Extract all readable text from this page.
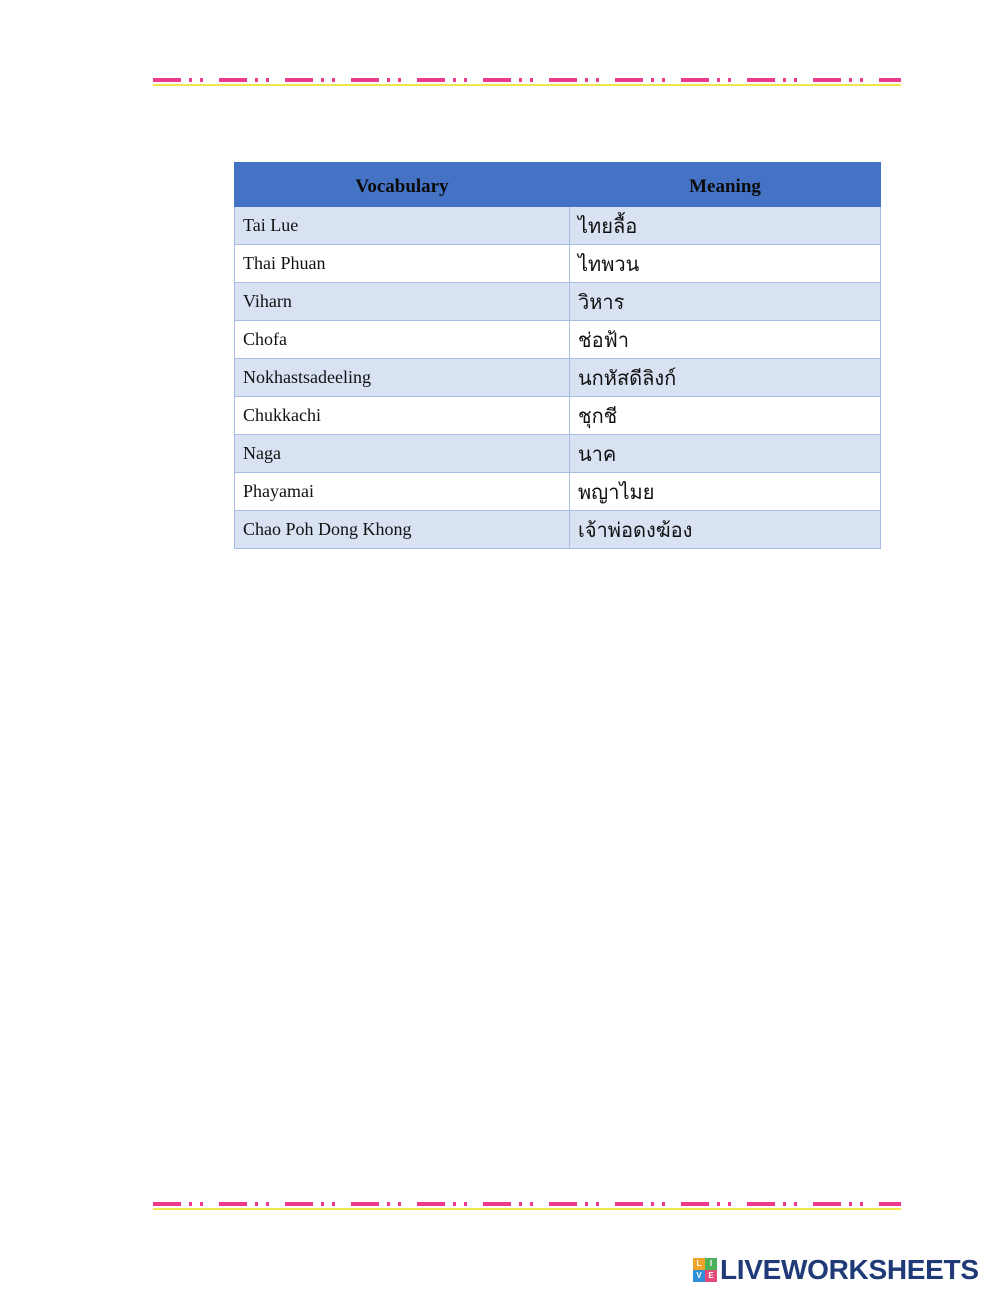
Vocabulary	Meaning
Tai Lue	ไทยลื้อ
Thai Phuan	ไทพวน
Viharn	วิหาร
Chofa	ช่อฟ้า
Nokhastsadeeling	นกหัสดีลิงก์
Chukkachi	ชุกชี
Naga	นาค
Phayamai	พญาไมย
Chao Poh Dong Khong	เจ้าพ่อดงฆ้อง
L	I
V E LIVEWORKSHEETS
